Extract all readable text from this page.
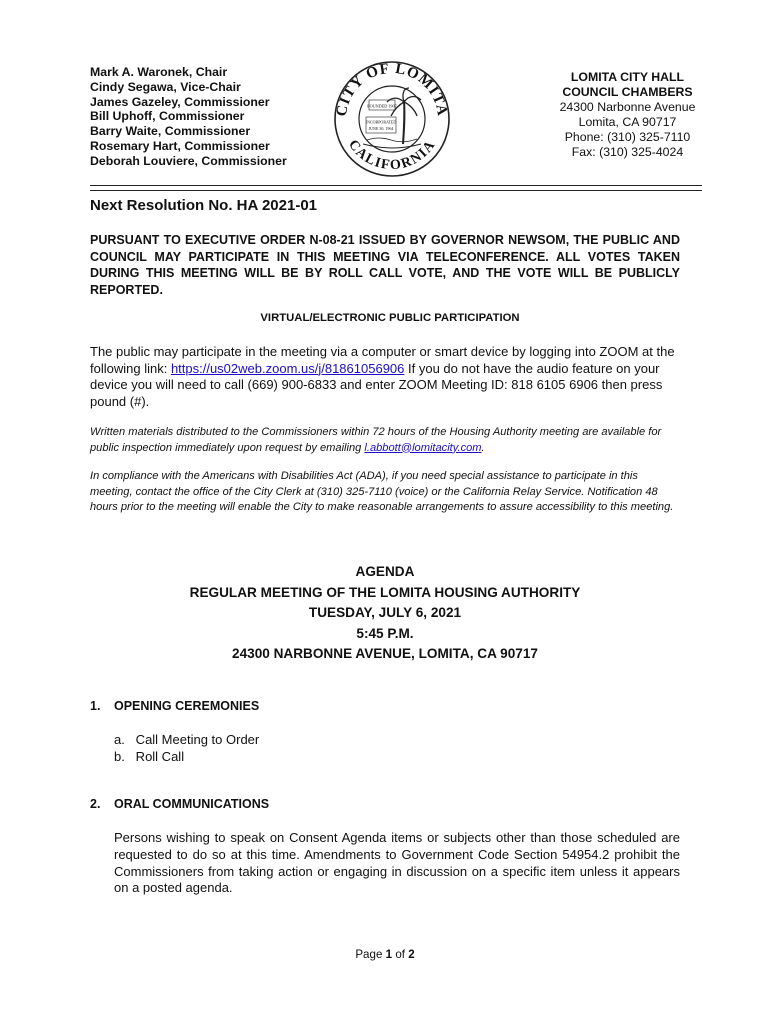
Mark A. Waronek, Chair
Cindy Segawa, Vice-Chair
James Gazeley, Commissioner
Bill Uphoff, Commissioner
Barry Waite, Commissioner
Rosemary Hart, Commissioner
Deborah Louviere, Commissioner
CITY OF LOMITA
CALIFORNIA
FOUNDED 1907
INCORPORATED
JUNE 30, 1964
LOMITA CITY HALL
COUNCIL CHAMBERS
24300 Narbonne Avenue
Lomita, CA 90717
Phone: (310) 325-7110
Fax: (310) 325-4024
Next Resolution No. HA 2021-01
PURSUANT TO EXECUTIVE ORDER N-08-21 ISSUED BY GOVERNOR NEWSOM, THE PUBLIC AND COUNCIL MAY PARTICIPATE IN THIS MEETING VIA TELECONFERENCE. ALL VOTES TAKEN DURING THIS MEETING WILL BE BY ROLL CALL VOTE, AND THE VOTE WILL BE PUBLICLY REPORTED.
VIRTUAL/ELECTRONIC PUBLIC PARTICIPATION
The public may participate in the meeting via a computer or smart device by logging into ZOOM at the following link: https://us02web.zoom.us/j/81861056906 If you do not have the audio feature on your device you will need to call (669) 900-6833 and enter ZOOM Meeting ID: 818 6105 6906 then press pound (#).
Written materials distributed to the Commissioners within 72 hours of the Housing Authority meeting are available for public inspection immediately upon request by emailing l.abbott@lomitacity.com.
In compliance with the Americans with Disabilities Act (ADA), if you need special assistance to participate in this meeting, contact the office of the City Clerk at (310) 325-7110 (voice) or the California Relay Service. Notification 48 hours prior to the meeting will enable the City to make reasonable arrangements to assure accessibility to this meeting.
AGENDA
REGULAR MEETING OF THE LOMITA HOUSING AUTHORITY
TUESDAY, JULY 6, 2021
5:45 P.M.
24300 NARBONNE AVENUE, LOMITA, CA 90717
1. OPENING CEREMONIES
a.   Call Meeting to Order
b.   Roll Call
2. ORAL COMMUNICATIONS
Persons wishing to speak on Consent Agenda items or subjects other than those scheduled are requested to do so at this time. Amendments to Government Code Section 54954.2 prohibit the Commissioners from taking action or engaging in discussion on a specific item unless it appears on a posted agenda.
Page 1 of 2
